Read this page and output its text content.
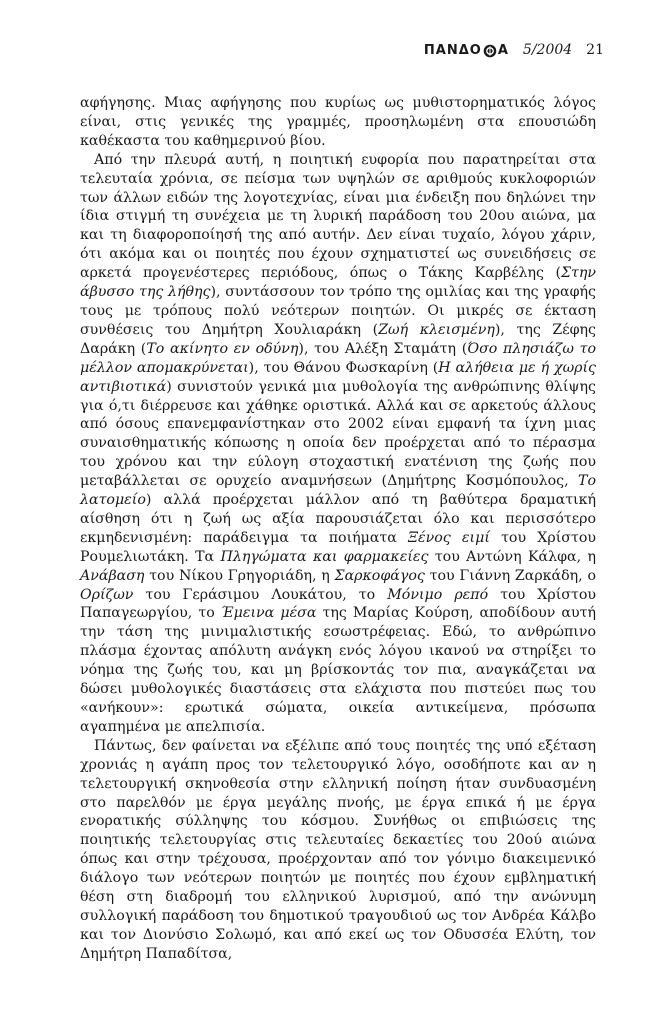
ΠΑΝΔΟ Α 5/2004 21

αφήγησης. Μιας αφήγησης που κυρίως ως μυθιστορηματικός λόγος είναι, στις γενικές της γραμμές, προσηλωμένη στα επουσιώδη καθέκαστα του καθημερινού βίου.

Από την πλευρά αυτή, η ποιητική ευφορία που παρατηρείται στα τελευταία χρόνια, σε πείσμα των υψηλών σε αριθμούς κυκλοφοριών των άλλων ειδών της λογοτεχνίας, είναι μια ένδειξη που δηλώνει την ίδια στιγμή τη συνέχεια με τη λυρική παράδοση του 20ου αιώνα, μα και τη διαφοροποίησή της από αυτήν. Δεν είναι τυχαίο, λόγου χάριν, ότι ακόμα και οι ποιητές που έχουν σχηματιστεί ως συνειδήσεις σε αρκετά προγενέστερες περιόδους, όπως ο Τάκης Καρβέλης (Στην άβυσσο της λήθης), συντάσσουν τον τρόπο της ομιλίας και της γραφής τους με τρόπους πολύ νεότερων ποιητών. Οι μικρές σε έκταση συνθέσεις του Δημήτρη Χουλιαράκη (Ζωή κλεισμένη), της Ζέφης Δαράκη (Το ακίνητο εν οδύνη), του Αλέξη Σταμάτη (Όσο πλησιάζω το μέλλον απομακρύνεται), του Θάνου Φωσκαρίνη (Η αλήθεια με ή χωρίς αντιβιοτικά) συνιστούν γενικά μια μυθολογία της ανθρώπινης θλίψης για ό,τι διέρρευσε και χάθηκε οριστικά. Αλλά και σε αρκετούς άλλους από όσους επανεμφανίστηκαν στο 2002 είναι εμφανή τα ίχνη μιας συναισθηματικής κόπωσης η οποία δεν προέρχεται από το πέρασμα του χρόνου και την εύλογη στοχαστική ενατένιση της ζωής που μεταβάλλεται σε ορυχείο αναμνήσεων (Δημήτρης Κοσμόπουλος, Το λατομείο) αλλά προέρχεται μάλλον από τη βαθύτερα δραματική αίσθηση ότι η ζωή ως αξία παρουσιάζεται όλο και περισσότερο εκμηδενισμένη: παράδειγμα τα ποιήματα Ξένος ειμί του Χρίστου Ρουμελιωτάκη. Τα Πληγώματα και φαρμακείες του Αντώνη Κάλφα, η Ανάβαση του Νίκου Γρηγοριάδη, η Σαρκοφάγος του Γιάννη Ζαρκάδη, ο Ορίζων του Γεράσιμου Λουκάτου, το Μόνιμο ρεπό του Χρίστου Παπαγεωργίου, το Έμεινα μέσα της Μαρίας Κούρση, αποδίδουν αυτή την τάση της μινιμαλιστικής εσωστρέφειας. Εδώ, το ανθρώπινο πλάσμα έχοντας απόλυτη ανάγκη ενός λόγου ικανού να στηρίξει το νόημα της ζωής του, και μη βρίσκοντάς τον πια, αναγκάζεται να δώσει μυθολογικές διαστάσεις στα ελάχιστα που πιστεύει πως του «ανήκουν»: ερωτικά σώματα, οικεία αντικείμενα, πρόσωπα αγαπημένα με απελπισία.

Πάντως, δεν φαίνεται να εξέλιπε από τους ποιητές της υπό εξέταση χρονιάς η αγάπη προς τον τελετουργικό λόγο, οσοδήποτε και αν η τελετουργική σκηνοθεσία στην ελληνική ποίηση ήταν συνδυασμένη στο παρελθόν με έργα μεγάλης πνοής, με έργα επικά ή με έργα ενορατικής σύλληψης του κόσμου. Συνήθως οι επιβιώσεις της ποιητικής τελετουργίας στις τελευταίες δεκαετίες του 20ού αιώνα όπως και στην τρέχουσα, προέρχονταν από τον γόνιμο διακειμενικό διάλογο των νεότερων ποιητών με ποιητές που έχουν εμβληματική θέση στη διαδρομή του ελληνικού λυρισμού, από την ανώνυμη συλλογική παράδοση του δημοτικού τραγουδιού ως τον Ανδρέα Κάλβο και τον Διονύσιο Σολωμό, και από εκεί ως τον Οδυσσέα Ελύτη, τον Δημήτρη Παπαδίτσα,
